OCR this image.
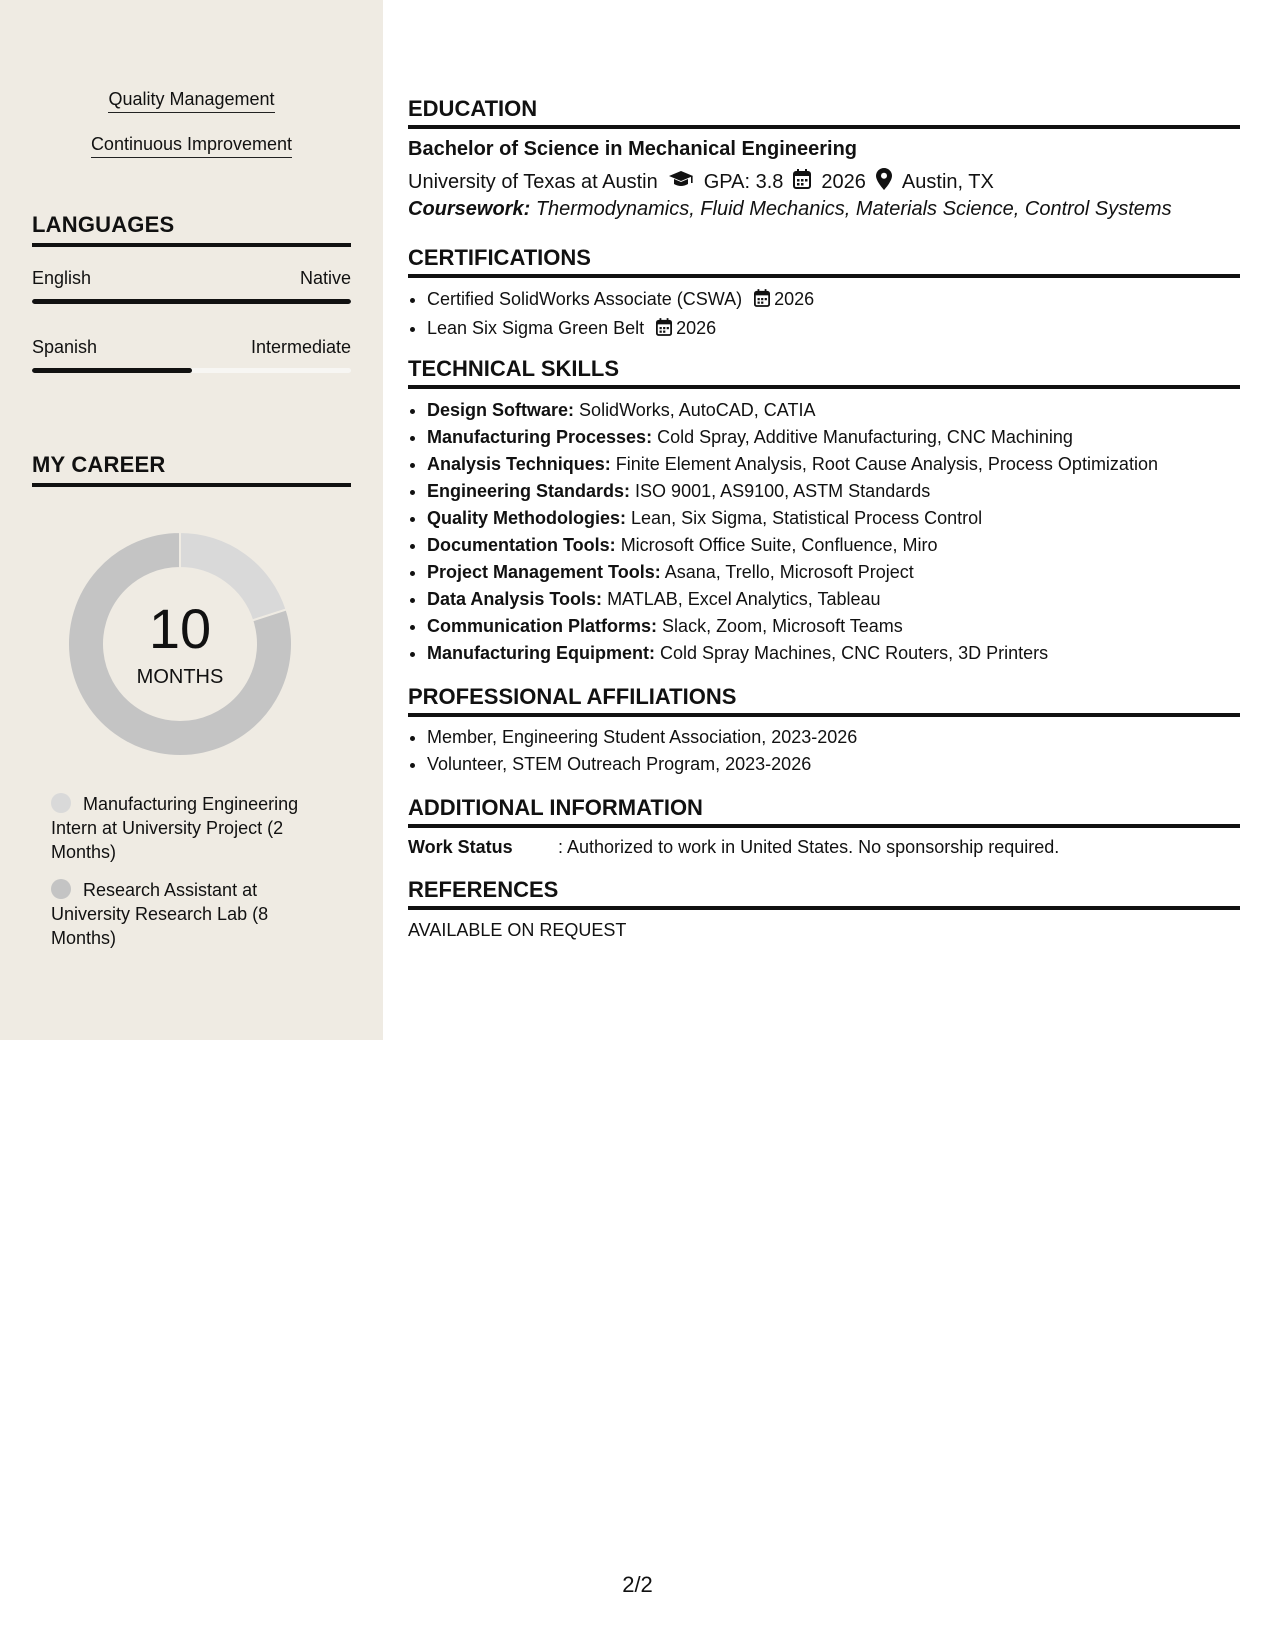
Quality Management
Continuous Improvement
LANGUAGES
English	Native
Spanish	Intermediate
MY CAREER
10
MONTHS
Manufacturing Engineering Intern at University Project (2 Months)
Research Assistant at University Research Lab (8 Months)
EDUCATION
Bachelor of Science in Mechanical Engineering
University of Texas at Austin GPA: 3.8 2026 Austin, TX
Coursework: Thermodynamics, Fluid Mechanics, Materials Science, Control Systems
CERTIFICATIONS
• Certified SolidWorks Associate (CSWA) 2026
• Lean Six Sigma Green Belt 2026
TECHNICAL SKILLS
• Design Software: SolidWorks, AutoCAD, CATIA
• Manufacturing Processes: Cold Spray, Additive Manufacturing, CNC Machining
• Analysis Techniques: Finite Element Analysis, Root Cause Analysis, Process Optimization
• Engineering Standards: ISO 9001, AS9100, ASTM Standards
• Quality Methodologies: Lean, Six Sigma, Statistical Process Control
• Documentation Tools: Microsoft Office Suite, Confluence, Miro
• Project Management Tools: Asana, Trello, Microsoft Project
• Data Analysis Tools: MATLAB, Excel Analytics, Tableau
• Communication Platforms: Slack, Zoom, Microsoft Teams
• Manufacturing Equipment: Cold Spray Machines, CNC Routers, 3D Printers
PROFESSIONAL AFFILIATIONS
• Member, Engineering Student Association, 2023-2026
• Volunteer, STEM Outreach Program, 2023-2026
ADDITIONAL INFORMATION
Work Status	: Authorized to work in United States. No sponsorship required.
REFERENCES
AVAILABLE ON REQUEST
2/2
